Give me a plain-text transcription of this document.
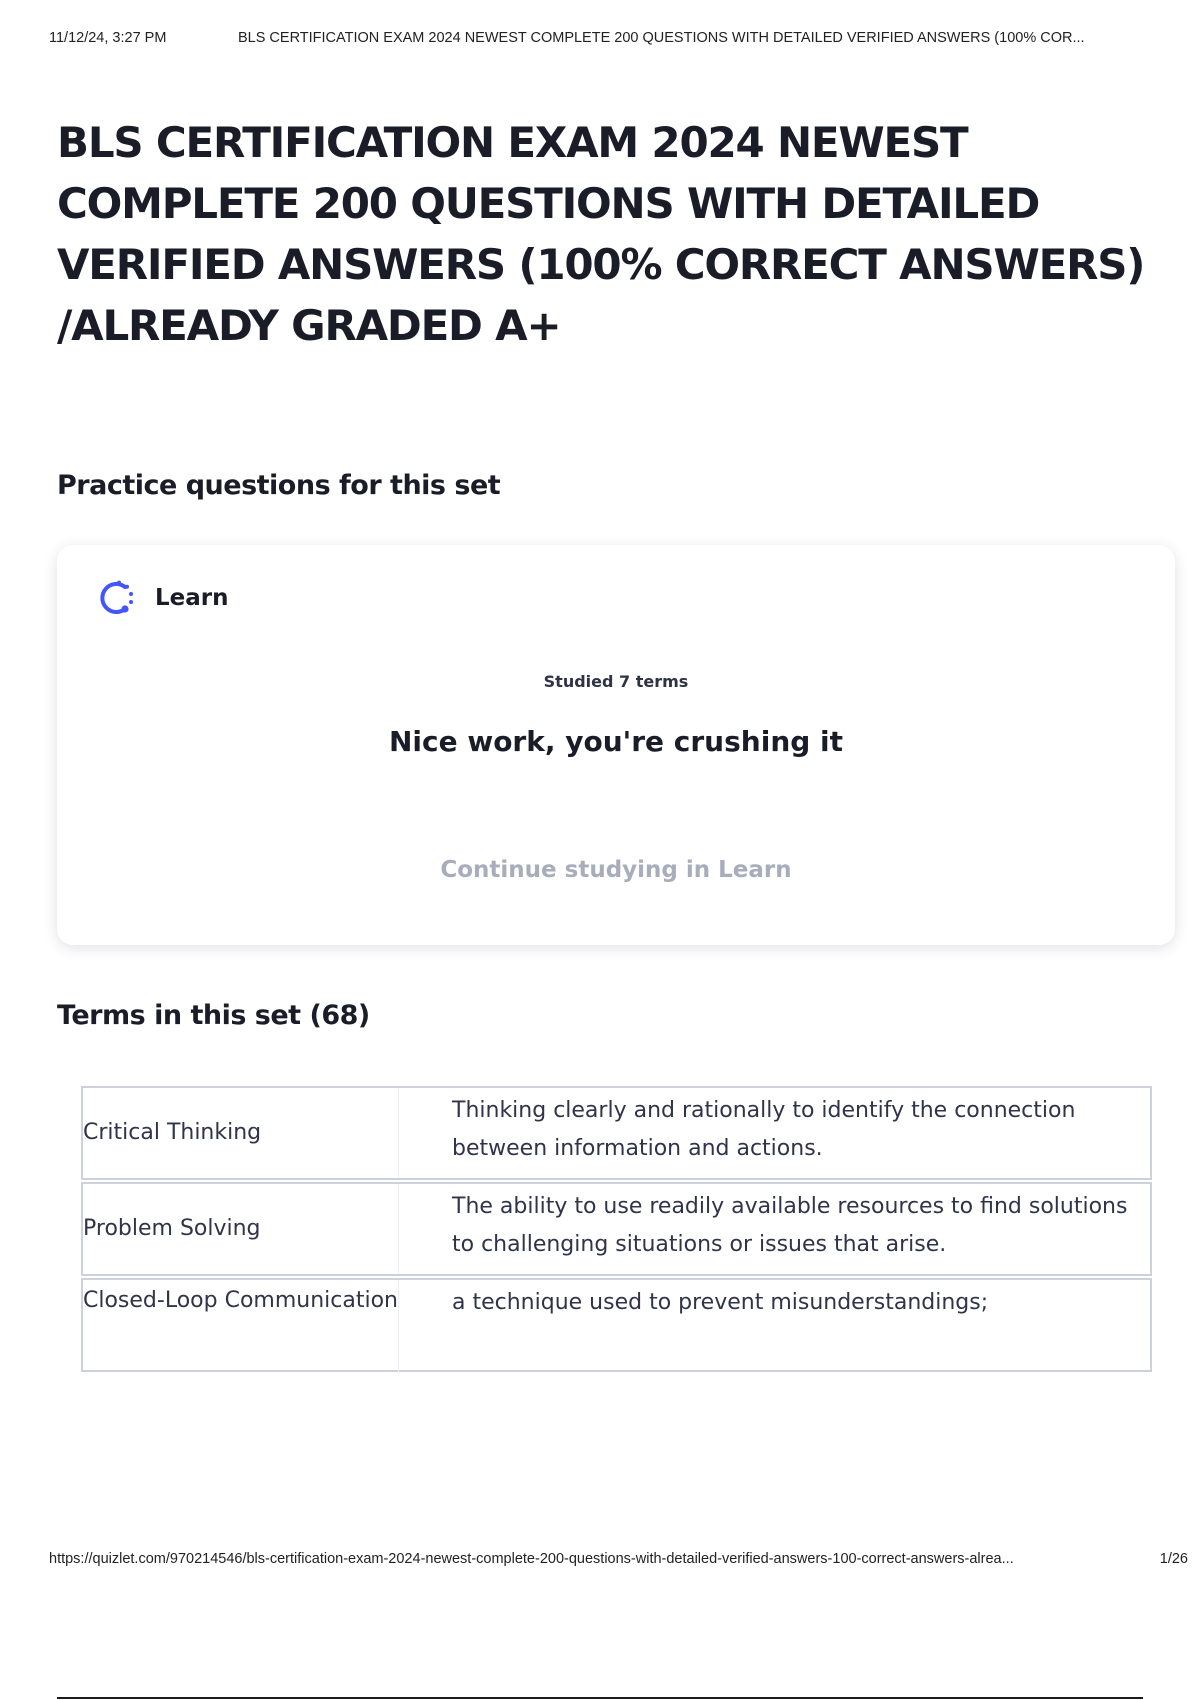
11/12/24, 3:27 PM	BLS CERTIFICATION EXAM 2024 NEWEST COMPLETE 200 QUESTIONS WITH DETAILED VERIFIED ANSWERS (100% COR...
BLS CERTIFICATION EXAM 2024 NEWEST COMPLETE 200 QUESTIONS WITH DETAILED VERIFIED ANSWERS (100% CORRECT ANSWERS) /ALREADY GRADED A+
Practice questions for this set
Learn
Studied 7 terms
Nice work, you're crushing it
Continue studying in Learn
Terms in this set (68)
Critical Thinking
Thinking clearly and rationally to identify the connection between information and actions.
Problem Solving
The ability to use readily available resources to find solutions to challenging situations or issues that arise.
Closed-Loop Communication a technique used to prevent misunderstandings;
https://quizlet.com/970214546/bls-certification-exam-2024-newest-complete-200-questions-with-detailed-verified-answers-100-correct-answers-alrea...	1/26
